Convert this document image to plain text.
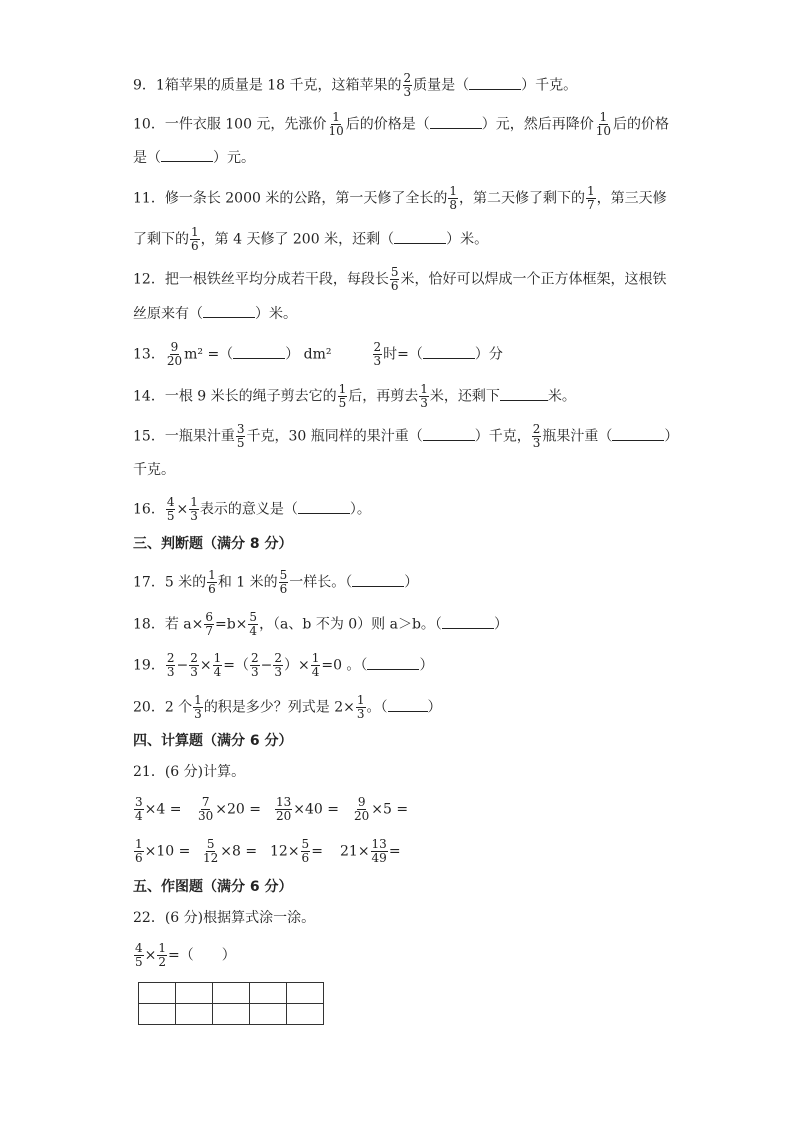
9．1箱苹果的质量是 18 千克，这箱苹果的 $\frac{2}{3}$ 质量是（	）千克。
10．一件衣服 100 元，先涨价 $\frac{1}{10}$ 后的价格是（	）元，然后再降价 $\frac{1}{10}$ 后的价格
是（	）元。
11．修一条长 2000 米的公路，第一天修了全长的 $\frac{1}{8}$ ，第二天修了剩下的 $\frac{1}{7}$ ，第三天修
了剩下的 $\frac{1}{6}$ ，第 4 天修了 200 米，还剩（	）米。
12．把一根铁丝平均分成若干段，每段长 $\frac{5}{6}$ 米，恰好可以焊成一个正方体框架，这根铁
丝原来有（	）米。
13． $\frac{9}{20} m^2$ =（	） dm²	$\frac{2}{3}$ 时=（	）分
14．一根 9 米长的绳子剪去它的 $\frac{1}{5}$ 后，再剪去 $\frac{1}{3}$ 米，还剩下	米。
15．一瓶果汁重 $\frac{3}{5}$ 千克，30 瓶同样的果汁重（	）千克， $\frac{2}{3}$ 瓶果汁重（	）
千克。
16． $\frac{4}{5} \times \frac{1}{3}$ 表示的意义是（	）。
三、判断题（满分 8 分）
17．5 米的 $\frac{1}{6}$ 和 1 米的 $\frac{5}{6}$ 一样长。（	）
18．若 $a\times \frac{6}{7} =b\times \frac{5}{4}$ ，（a、b 不为 0）则 a＞b。（	）
19． $\frac{2}{3} - \frac{2}{3} \times \frac{1}{4}$ =（ $\frac{2}{3} - \frac{2}{3}$ ）× $\frac{1}{4} =0$ 。（	）
20．2 个 $\frac{1}{3}$ 的积是多少？列式是 $2\times \frac{1}{3}$ 。（	）
四、计算题（满分 6 分）
21．(6 分)计算。
$\frac{3}{4} \times 4 = \frac{7}{30} \times 20 = \frac{13}{20} \times 40 = \frac{9}{20} \times 5$ =
$\frac{1}{6} \times 10 = \frac{5}{12} \times 8 = 12\times \frac{5}{6} = 21\times \frac{13}{49}$ =
五、作图题（满分 6 分）
22．(6 分)根据算式涂一涂。
$\frac{4}{5} \times \frac{1}{2}$ =（　　）
